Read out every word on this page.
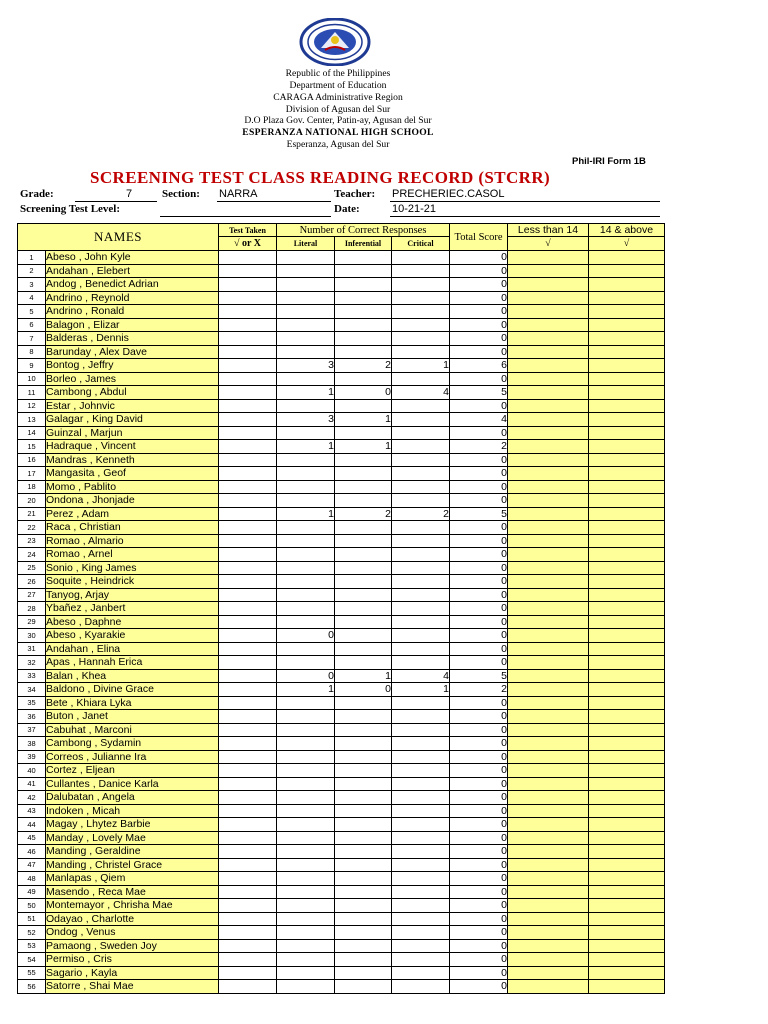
Republic of the Philippines
Department of Education
CARAGA Administrative Region
Division of Agusan del Sur
D.O Plaza Gov. Center, Patin-ay, Agusan del Sur
ESPERANZA NATIONAL HIGH SCHOOL
Esperanza, Agusan del Sur
Phil-IRI Form 1B
SCREENING TEST CLASS READING RECORD (STCRR)
Grade:	7	Section: NARRA	Teacher: PRECHERIEC.CASOL
Screening Test Level:	Date:	10-21-21
NAMES		Test Taken	Number of Correct Responses			Total Score	Less than 14	14 & above
		√ or X	Literal	Inferential	Critical		√	√
1	Abeso , John Kyle					0		
2	Andahan , Elebert					0		
3	Andog , Benedict Adrian					0		
4	Andrino , Reynold					0		
5	Andrino , Ronald					0		
6	Balagon , Elizar					0		
7	Balderas , Dennis					0		
8	Barunday , Alex Dave					0		
9	Bontog , Jeffry		3	2	1	6		
10	Borleo , James					0		
11	Cambong , Abdul		1	0	4	5		
12	Estar , Johnvic					0		
13	Galagar , King David		3	1		4		
14	Guinzal , Marjun					0		
15	Hadraque , Vincent		1	1		2		
16	Mandras , Kenneth					0		
17	Mangasita , Geof					0		
18	Momo , Pablito					0		
20	Ondona , Jhonjade					0		
21	Perez , Adam		1	2	2	5		
22	Raca , Christian					0		
23	Romao , Almario					0		
24	Romao , Arnel					0		
25	Sonio , King James					0		
26	Soquite , Heindrick					0		
27	Tanyog, Arjay					0		
28	Ybañez , Janbert					0		
29	Abeso , Daphne					0		
30	Abeso , Kyarakie		0			0		
31	Andahan , Elina					0		
32	Apas , Hannah Erica					0		
33	Balan , Khea		0	1	4	5		
34	Baldono , Divine Grace		1	0	1	2		
35	Bete , Khiara Lyka					0		
36	Buton , Janet					0		
37	Cabuhat , Marconi					0		
38	Cambong , Sydamin					0		
39	Correos , Julianne Ira					0		
40	Cortez , Eljean					0		
41	Cullantes , Danice Karla					0		
42	Dalubatan , Angela					0		
43	Indoken , Micah					0		
44	Magay , Lhytez Barbie					0		
45	Manday , Lovely Mae					0		
46	Manding , Geraldine					0		
47	Manding , Christel Grace					0		
48	Manlapas , Qiem					0		
49	Masendo , Reca Mae					0		
50	Montemayor , Chrisha Mae					0		
51	Odayao , Charlotte					0		
52	Ondog , Venus					0		
53	Pamaong , Sweden Joy					0		
54	Permiso , Cris					0		
55	Sagario , Kayla					0		
56	Satorre , Shai Mae					0		
